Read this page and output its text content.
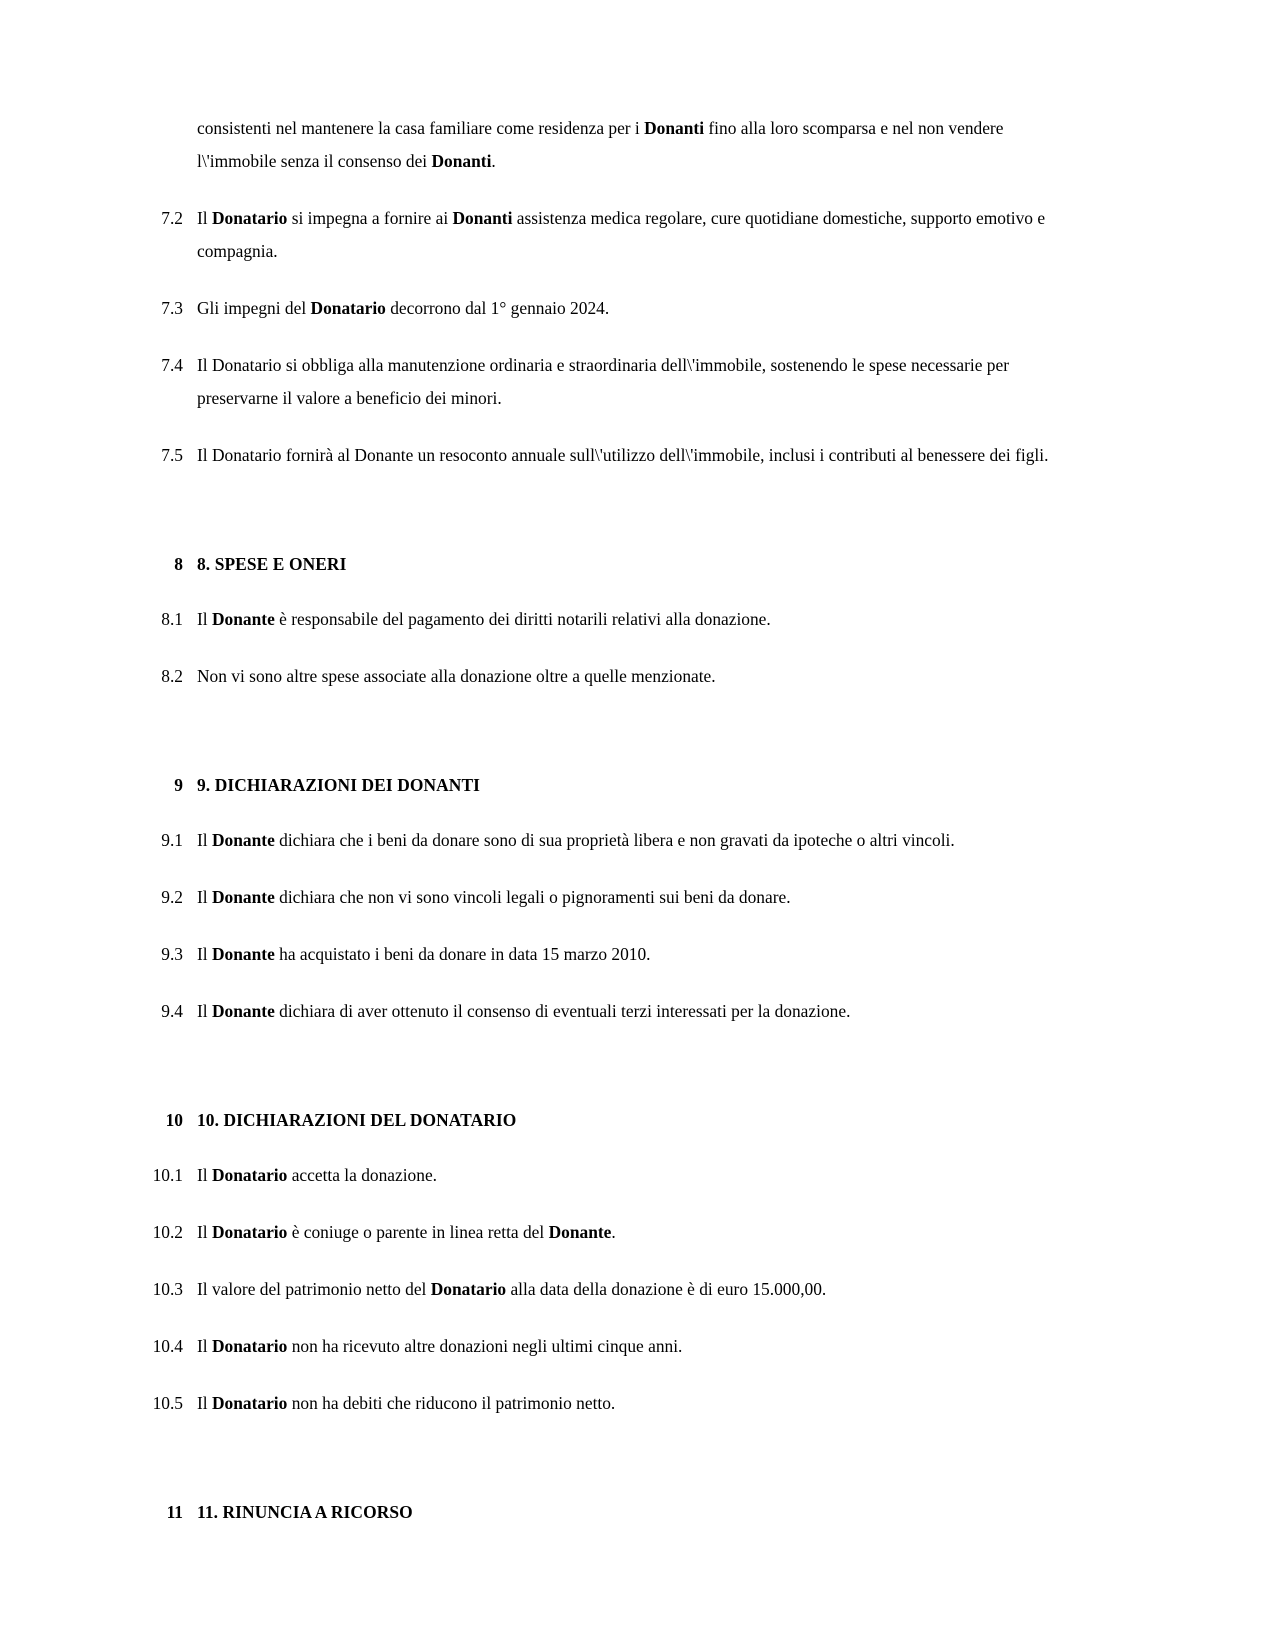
consistenti nel mantenere la casa familiare come residenza per i Donanti fino alla loro scomparsa e nel non vendere l\'immobile senza il consenso dei Donanti.

7.2 Il Donatario si impegna a fornire ai Donanti assistenza medica regolare, cure quotidiane domestiche, supporto emotivo e compagnia.
7.3 Gli impegni del Donatario decorrono dal 1° gennaio 2024.
7.4 Il Donatario si obbliga alla manutenzione ordinaria e straordinaria dell\'immobile, sostenendo le spese necessarie per preservarne il valore a beneficio dei minori.
7.5 Il Donatario fornirà al Donante un resoconto annuale sull\'utilizzo dell\'immobile, inclusi i contributi al benessere dei figli.
8 8. SPESE E ONERI
8.1 Il Donante è responsabile del pagamento dei diritti notarili relativi alla donazione.
8.2 Non vi sono altre spese associate alla donazione oltre a quelle menzionate.
9 9. DICHIARAZIONI DEI DONANTI
9.1 Il Donante dichiara che i beni da donare sono di sua proprietà libera e non gravati da ipoteche o altri vincoli.
9.2 Il Donante dichiara che non vi sono vincoli legali o pignoramenti sui beni da donare.
9.3 Il Donante ha acquistato i beni da donare in data 15 marzo 2010.
9.4 Il Donante dichiara di aver ottenuto il consenso di eventuali terzi interessati per la donazione.
10 10. DICHIARAZIONI DEL DONATARIO
10.1 Il Donatario accetta la donazione.
10.2 Il Donatario è coniuge o parente in linea retta del Donante.
10.3 Il valore del patrimonio netto del Donatario alla data della donazione è di euro 15.000,00.
10.4 Il Donatario non ha ricevuto altre donazioni negli ultimi cinque anni.
10.5 Il Donatario non ha debiti che riducono il patrimonio netto.
11 11. RINUNCIA A RICORSO
